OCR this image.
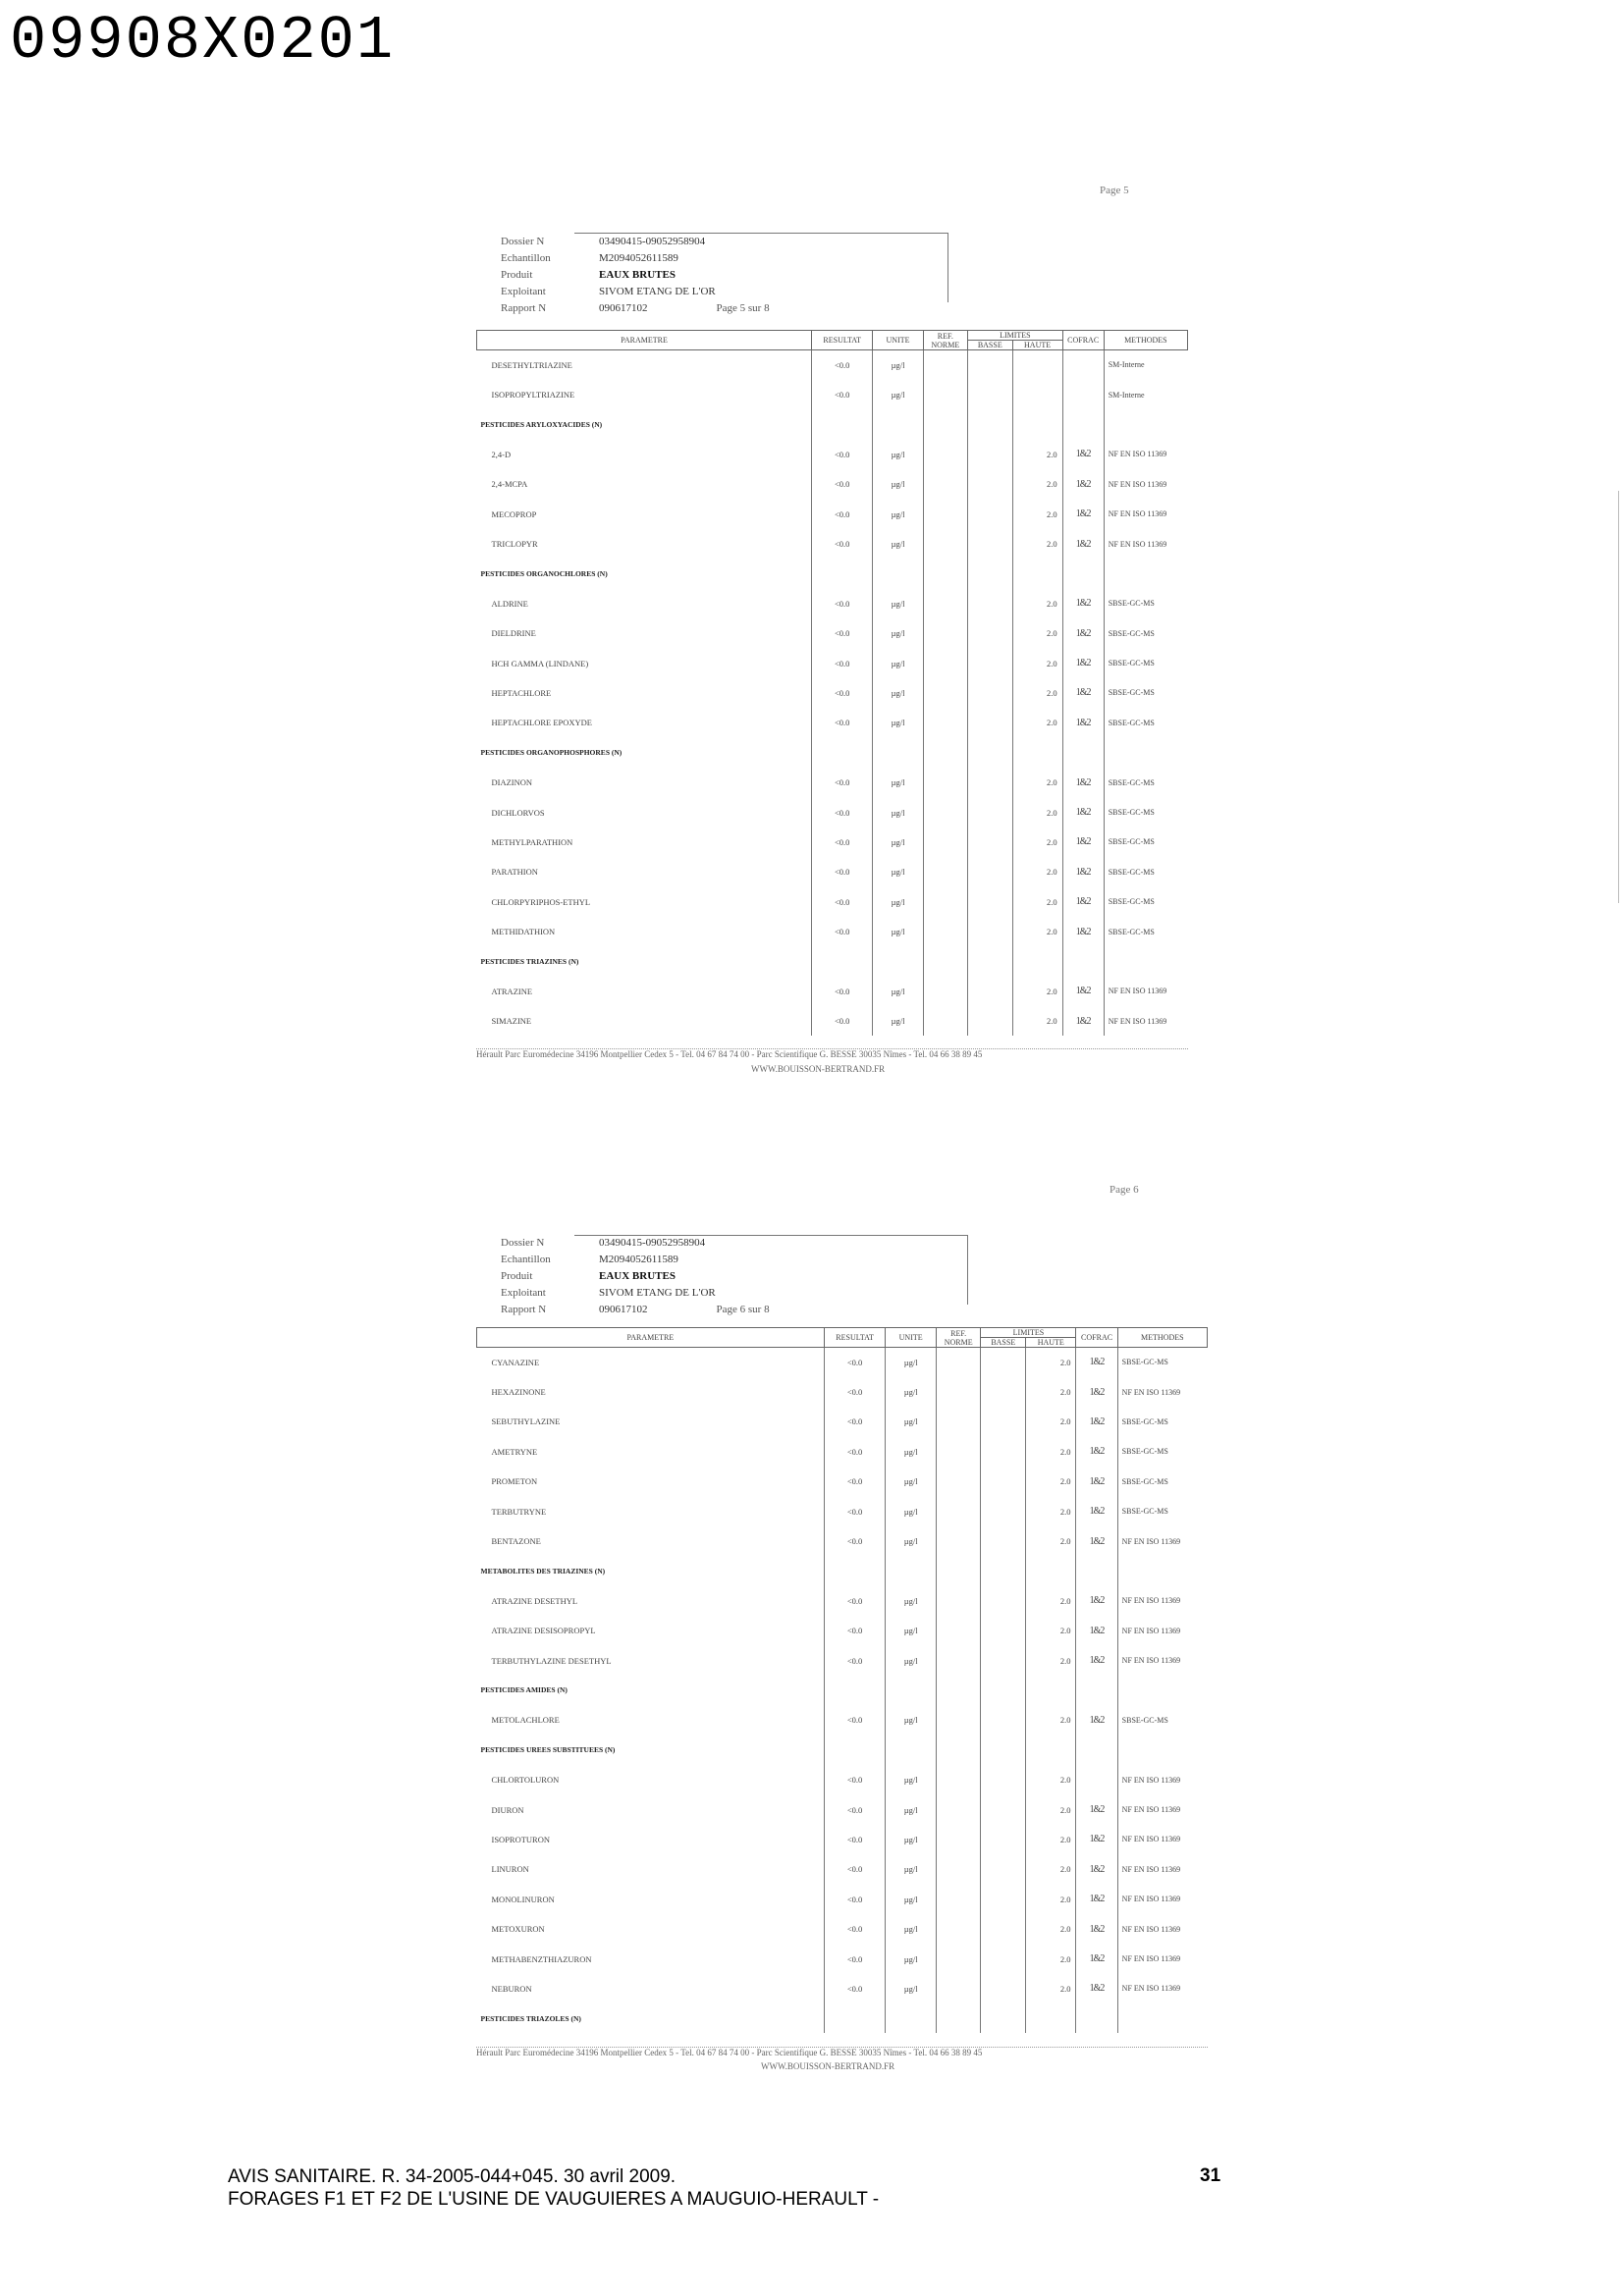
09908X0201
Page 5
Dossier N	03490415-09052958904
Echantillon	M2094052611589
Produit	EAUX BRUTES
Exploitant	SIVOM ETANG DE L'OR
Rapport N	090617102	Page 5 sur 8
PARAMETRE	RESULTAT	UNITE	REF. NORME	LIMITES		COFRAC	METHODES
				BASSE	HAUTE		
DESETHYLTRIAZINE	<0.0	µg/l					SM-Interne
ISOPROPYLTRIAZINE	<0.0	µg/l					SM-Interne
PESTICIDES ARYLOXYACIDES (N)							
2,4-D	<0.0	µg/l			2.0	1&2	NF EN ISO 11369
2,4-MCPA	<0.0	µg/l			2.0	1&2	NF EN ISO 11369
MECOPROP	<0.0	µg/l			2.0	1&2	NF EN ISO 11369
TRICLOPYR	<0.0	µg/l			2.0	1&2	NF EN ISO 11369
PESTICIDES ORGANOCHLORES (N)							
ALDRINE	<0.0	µg/l			2.0	1&2	SBSE-GC-MS
DIELDRINE	<0.0	µg/l			2.0	1&2	SBSE-GC-MS
HCH GAMMA (LINDANE)	<0.0	µg/l			2.0	1&2	SBSE-GC-MS
HEPTACHLORE	<0.0	µg/l			2.0	1&2	SBSE-GC-MS
HEPTACHLORE EPOXYDE	<0.0	µg/l			2.0	1&2	SBSE-GC-MS
PESTICIDES ORGANOPHOSPHORES (N)							
DIAZINON	<0.0	µg/l			2.0	1&2	SBSE-GC-MS
DICHLORVOS	<0.0	µg/l			2.0	1&2	SBSE-GC-MS
METHYLPARATHION	<0.0	µg/l			2.0	1&2	SBSE-GC-MS
PARATHION	<0.0	µg/l			2.0	1&2	SBSE-GC-MS
CHLORPYRIPHOS-ETHYL	<0.0	µg/l			2.0	1&2	SBSE-GC-MS
METHIDATHION	<0.0	µg/l			2.0	1&2	SBSE-GC-MS
PESTICIDES TRIAZINES (N)							
ATRAZINE	<0.0	µg/l			2.0	1&2	NF EN ISO 11369
SIMAZINE	<0.0	µg/l			2.0	1&2	NF EN ISO 11369
Hérault Parc Euromédecine 34196 Montpellier Cedex 5 - Tel. 04 67 84 74 00 - Parc Scientifique G. BESSE 30035 Nîmes - Tel. 04 66 38 89 45
WWW.BOUISSON-BERTRAND.FR
Page 6
Dossier N	03490415-09052958904
Echantillon	M2094052611589
Produit	EAUX BRUTES
Exploitant	SIVOM ETANG DE L'OR
Rapport N	090617102	Page 6 sur 8
PARAMETRE	RESULTAT	UNITE	REF. NORME	LIMITES		COFRAC	METHODES
				BASSE	HAUTE		
CYANAZINE	<0.0	µg/l			2.0	1&2	SBSE-GC-MS
HEXAZINONE	<0.0	µg/l			2.0	1&2	NF EN ISO 11369
SEBUTHYLAZINE	<0.0	µg/l			2.0	1&2	SBSE-GC-MS
AMETRYNE	<0.0	µg/l			2.0	1&2	SBSE-GC-MS
PROMETON	<0.0	µg/l			2.0	1&2	SBSE-GC-MS
TERBUTRYNE	<0.0	µg/l			2.0	1&2	SBSE-GC-MS
BENTAZONE	<0.0	µg/l			2.0	1&2	NF EN ISO 11369
METABOLITES DES TRIAZINES (N)							
ATRAZINE DESETHYL	<0.0	µg/l			2.0	1&2	NF EN ISO 11369
ATRAZINE DESISOPROPYL	<0.0	µg/l			2.0	1&2	NF EN ISO 11369
TERBUTHYLAZINE DESETHYL	<0.0	µg/l			2.0	1&2	NF EN ISO 11369
PESTICIDES AMIDES (N)							
METOLACHLORE	<0.0	µg/l			2.0	1&2	SBSE-GC-MS
PESTICIDES UREES SUBSTITUEES (N)							
CHLORTOLURON	<0.0	µg/l			2.0		NF EN ISO 11369
DIURON	<0.0	µg/l			2.0	1&2	NF EN ISO 11369
ISOPROTURON	<0.0	µg/l			2.0	1&2	NF EN ISO 11369
LINURON	<0.0	µg/l			2.0	1&2	NF EN ISO 11369
MONOLINURON	<0.0	µg/l			2.0	1&2	NF EN ISO 11369
METOXURON	<0.0	µg/l			2.0	1&2	NF EN ISO 11369
METHABENZTHIAZURON	<0.0	µg/l			2.0	1&2	NF EN ISO 11369
NEBURON	<0.0	µg/l			2.0	1&2	NF EN ISO 11369
PESTICIDES TRIAZOLES (N)							
Hérault Parc Euromédecine 34196 Montpellier Cedex 5 - Tel. 04 67 84 74 00 - Parc Scientifique G. BESSE 30035 Nîmes - Tel. 04 66 38 89 45
WWW.BOUISSON-BERTRAND.FR
AVIS SANITAIRE. R. 34-2005-044+045. 30 avril 2009.
FORAGES F1 ET F2 DE L'USINE DE VAUGUIERES A MAUGUIO-HERAULT -
31
